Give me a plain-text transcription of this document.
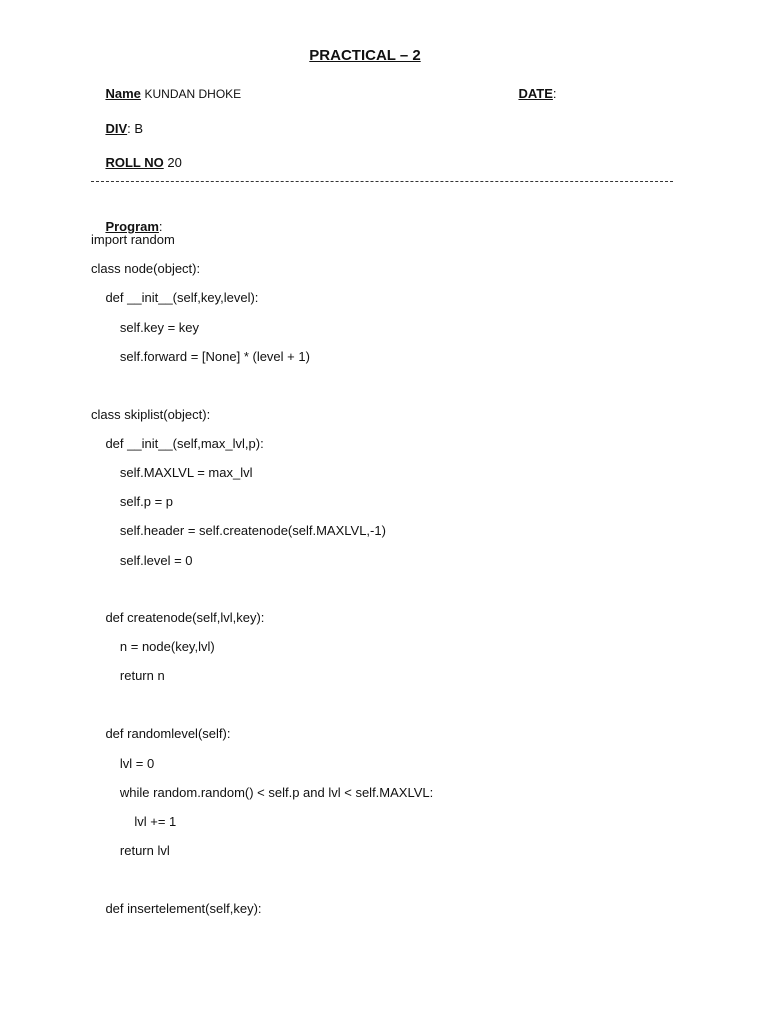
PRACTICAL – 2

Name KUNDAN DHOKE
	DATE:

DIV: B

ROLL NO 20

Program:

import random
class node(object):
def __init__(self,key,level):
self.key = key
self.forward = [None] * (level + 1)
class skiplist(object):
def __init__(self,max_lvl,p):
self.MAXLVL = max_lvl
self.p = p
self.header = self.createnode(self.MAXLVL,-1)
self.level = 0
def createnode(self,lvl,key):
n = node(key,lvl)
return n
def randomlevel(self):
lvl = 0
while random.random() < self.p and lvl < self.MAXLVL:
lvl += 1
return lvl
def insertelement(self,key):
